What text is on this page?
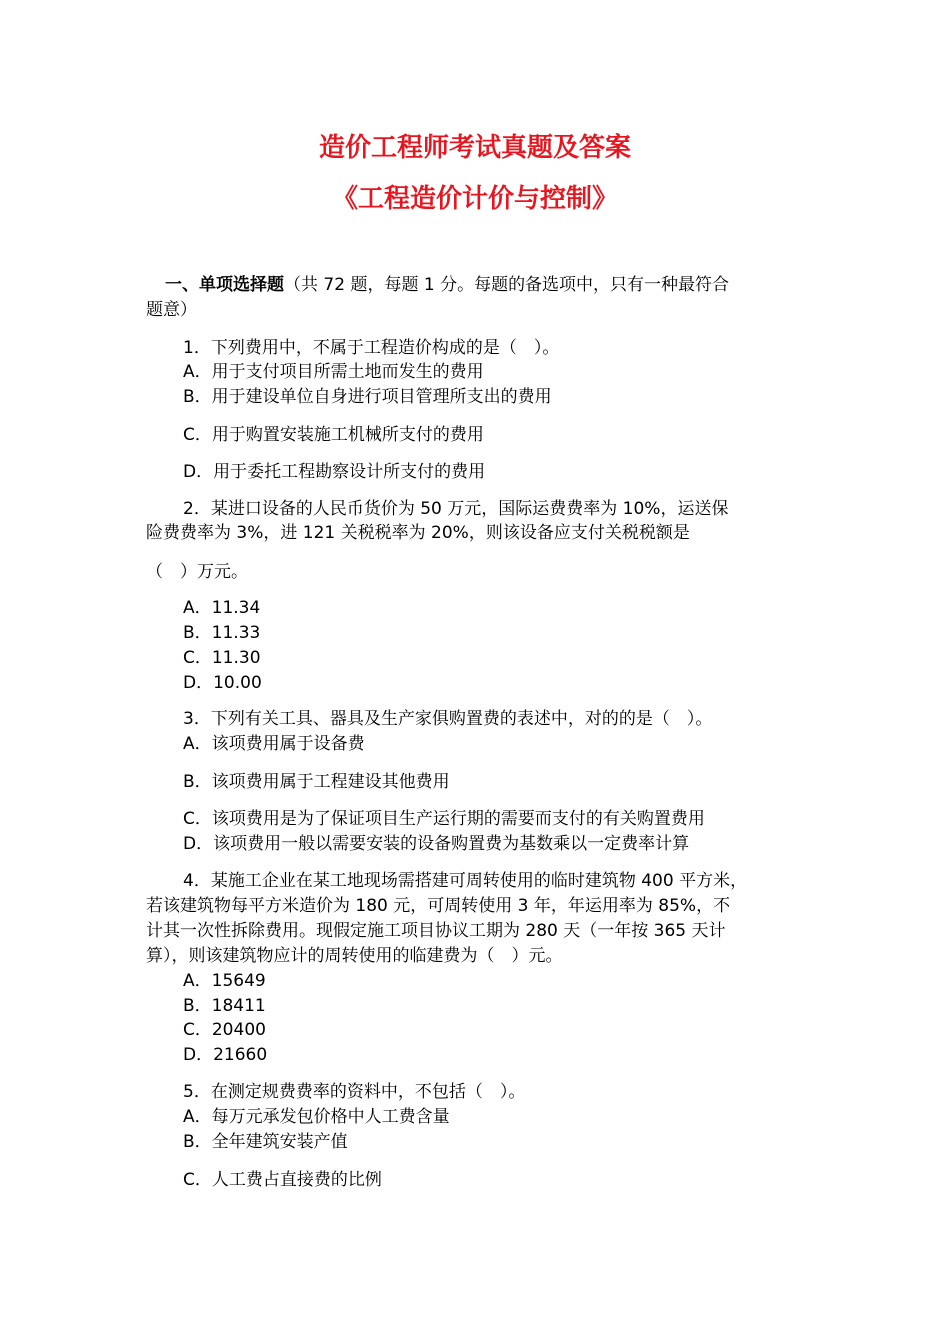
造价工程师考试真题及答案
《工程造价计价与控制》
一、单项选择题（共 72 题，每题 1 分。每题的备选项中，只有一种最符合
题意）
1．下列费用中，不属于工程造价构成的是（　）。
A．用于支付项目所需土地而发生的费用
B．用于建设单位自身进行项目管理所支出的费用
C．用于购置安装施工机械所支付的费用
D．用于委托工程勘察设计所支付的费用
2．某进口设备的人民币货价为 50 万元，国际运费费率为 10%，运送保
险费费率为 3%，进 121 关税税率为 20%，则该设备应支付关税税额是
（　）万元。
A．11.34
B．11.33
C．11.30
D．10.00
3．下列有关工具、器具及生产家俱购置费的表述中，对的的是（　）。
A．该项费用属于设备费
B．该项费用属于工程建设其他费用
C．该项费用是为了保证项目生产运行期的需要而支付的有关购置费用
D．该项费用一般以需要安装的设备购置费为基数乘以一定费率计算
4．某施工企业在某工地现场需搭建可周转使用的临时建筑物 400 平方米，
若该建筑物每平方米造价为 180 元，可周转使用 3 年，年运用率为 85%，不
计其一次性拆除费用。现假定施工项目协议工期为 280 天（一年按 365 天计
算），则该建筑物应计的周转使用的临建费为（　）元。
A．15649
B．18411
C．20400
D．21660
5．在测定规费费率的资料中，不包括（　）。
A．每万元承发包价格中人工费含量
B．全年建筑安装产值
C．人工费占直接费的比例
